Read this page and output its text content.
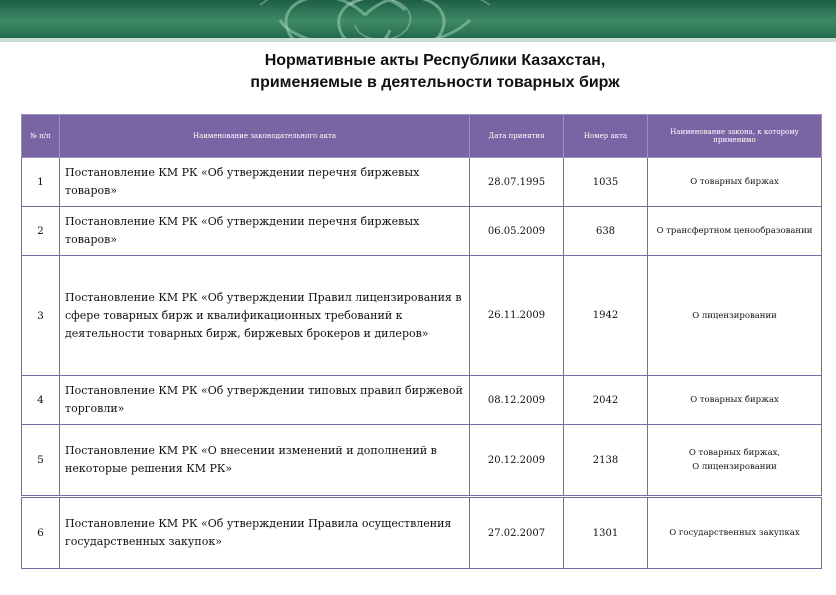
Нормативные акты Республики Казахстан,
применяемые в деятельности товарных бирж
№ п/п	Наименование законодательного акта	Дата принятия	Номер акта	Наименование закона, к которому применимо
1	Постановление КМ РК «Об утверждении перечня биржевых товаров»	28.07.1995	1035	О товарных биржах

2	Постановление КМ РК «Об утверждении перечня биржевых товаров»	06.05.2009	638	О трансфертном ценообразовании

3	Постановление КМ РК «Об утверждении Правил лицензирования в сфере товарных бирж и квалификационных требований к деятельности товарных бирж, биржевых брокеров и дилеров»	26.11.2009	1942	О лицензировании

4	Постановление КМ РК «Об утверждении типовых правил биржевой торговли»	08.12.2009	2042	О товарных биржах

5	Постановление КМ РК «О внесении изменений и дополнений в некоторые решения КМ РК»	20.12.2009	2138	О товарных биржах,
О лицензировании

6	Постановление КМ РК «Об утверждении Правила осуществления государственных закупок»	27.02.2007	1301	О государственных закупках
